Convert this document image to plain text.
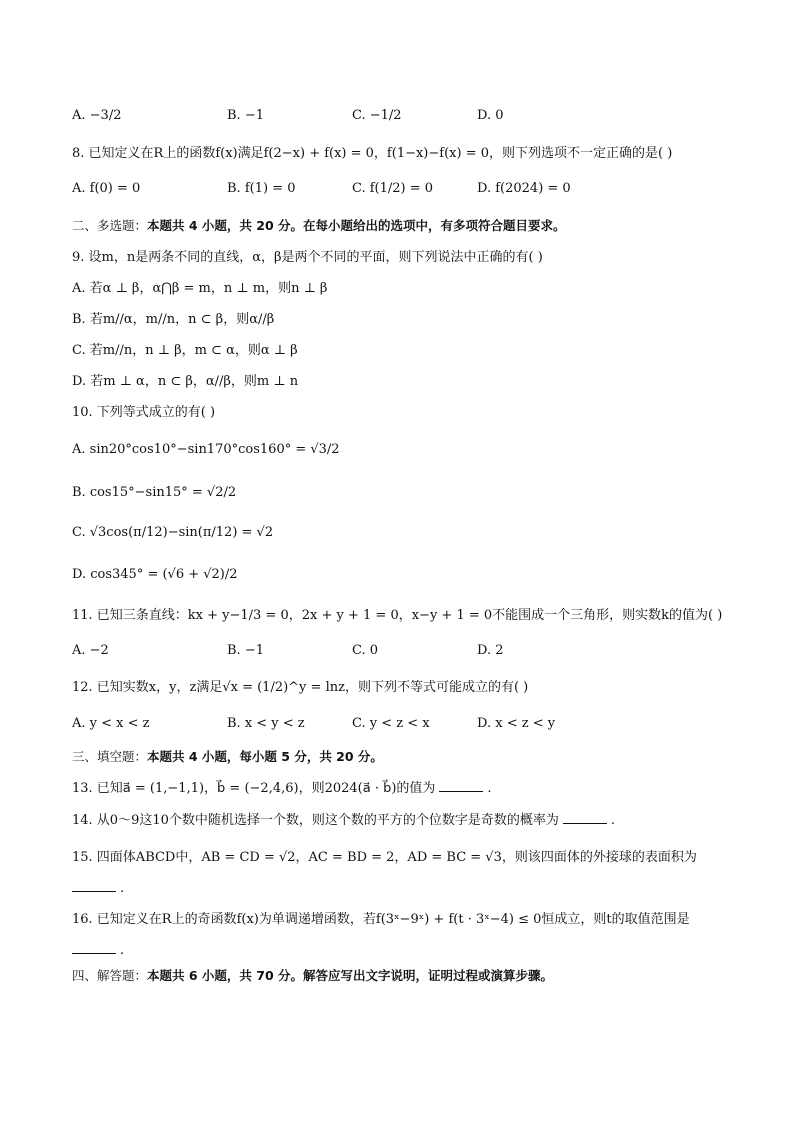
A. −3/2	B. −1	C. −1/2	D. 0
8. 已知定义在R上的函数f(x)满足f(2−x) + f(x) = 0，f(1−x)−f(x) = 0，则下列选项不一定正确的是( )
A. f(0) = 0	B. f(1) = 0	C. f(1/2) = 0	D. f(2024) = 0
二、多选题：本题共 4 小题，共 20 分。在每小题给出的选项中，有多项符合题目要求。
9. 设m，n是两条不同的直线，α，β是两个不同的平面，则下列说法中正确的有( )
A. 若α ⊥ β，α⋂β = m，n ⊥ m，则n ⊥ β
B. 若m//α，m//n，n ⊂ β，则α//β
C. 若m//n，n ⊥ β，m ⊂ α，则α ⊥ β
D. 若m ⊥ α，n ⊂ β，α//β，则m ⊥ n
10. 下列等式成立的有( )
A. sin20°cos10°−sin170°cos160° = √3/2
B. cos15°−sin15° = √2/2
C. √3cos(π/12)−sin(π/12) = √2
D. cos345° = (√6 + √2)/2
11. 已知三条直线：kx + y−1/3 = 0，2x + y + 1 = 0，x−y + 1 = 0不能围成一个三角形，则实数k的值为( )
A. −2	B. −1	C. 0	D. 2
12. 已知实数x，y，z满足√x = (1/2)^y = lnz，则下列不等式可能成立的有( )
A. y < x < z	B. x < y < z	C. y < z < x	D. x < z < y
三、填空题：本题共 4 小题，每小题 5 分，共 20 分。
13. 已知a⃗ = (1,−1,1)，b⃗ = (−2,4,6)，则2024(a⃗ · b⃗)的值为	.
14. 从0～9这10个数中随机选择一个数，则这个数的平方的个位数字是奇数的概率为	.
15. 四面体ABCD中，AB = CD = √2，AC = BD = 2，AD = BC = √3，则该四面体的外接球的表面积为
.
16. 已知定义在R上的奇函数f(x)为单调递增函数，若f(3ˣ−9ˣ) + f(t · 3ˣ−4) ≤ 0恒成立，则t的取值范围是
.
四、解答题：本题共 6 小题，共 70 分。解答应写出文字说明，证明过程或演算步骤。
